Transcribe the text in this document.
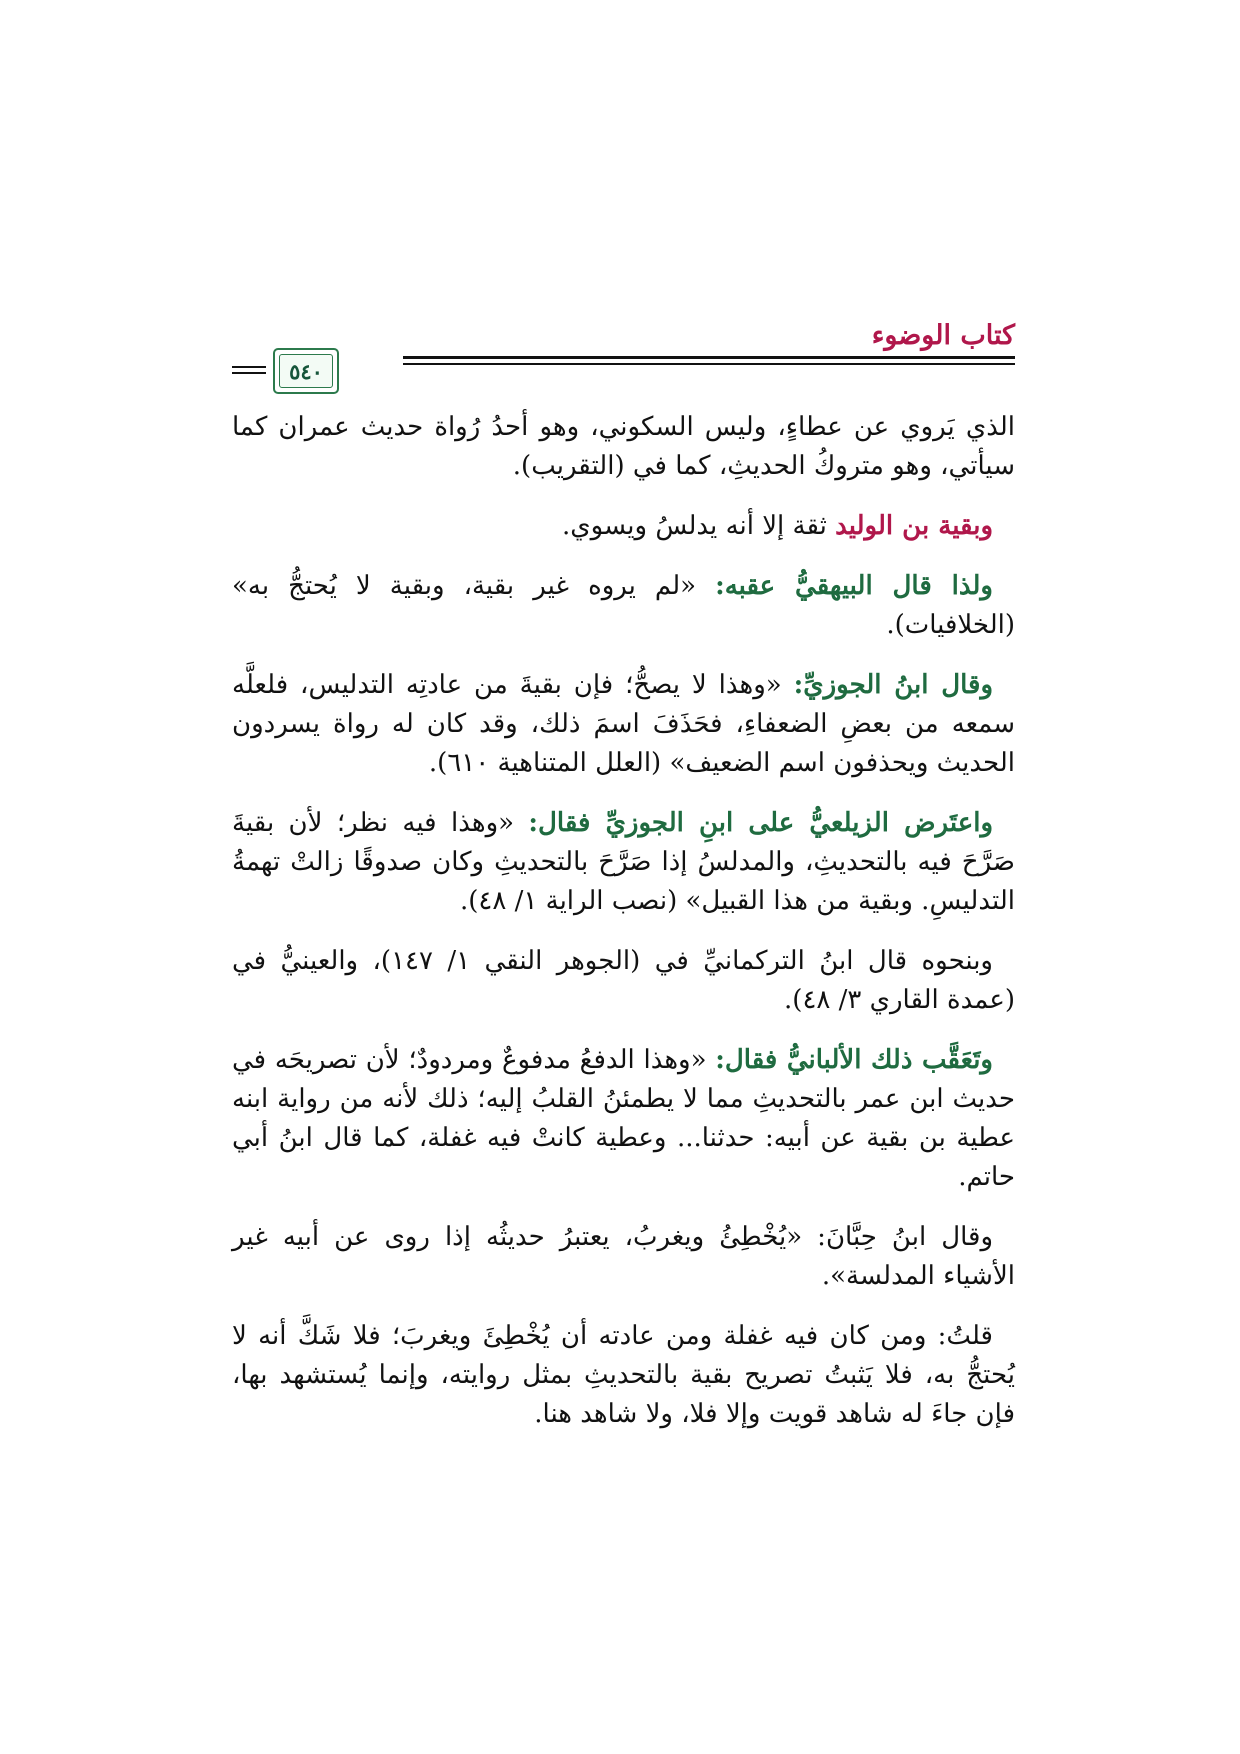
كتاب الوضوء
٥٤٠

الذي يَروي عن عطاءٍ، وليس السكوني، وهو أحدُ رُواة حديث عمران كما سيأتي، وهو متروكُ الحديثِ، كما في (التقريب).

وبقية بن الوليد ثقة إلا أنه يدلسُ ويسوي.

ولذا قال البيهقيُّ عقبه: «لم يروه غير بقية، وبقية لا يُحتجُّ به» (الخلافيات).

وقال ابنُ الجوزيِّ: «وهذا لا يصحُّ؛ فإن بقيةَ من عادتِه التدليس، فلعلَّه سمعه من بعضِ الضعفاءِ، فحَذَفَ اسمَ ذلك، وقد كان له رواة يسردون الحديث ويحذفون اسم الضعيف» (العلل المتناهية ٦١٠).

واعتَرض الزيلعيُّ على ابنِ الجوزيِّ فقال: «وهذا فيه نظر؛ لأن بقيةَ صَرَّحَ فيه بالتحديثِ، والمدلسُ إذا صَرَّحَ بالتحديثِ وكان صدوقًا زالتْ تهمةُ التدليسِ. وبقية من هذا القبيل» (نصب الراية ١/ ٤٨).

وبنحوه قال ابنُ التركمانيِّ في (الجوهر النقي ١/ ١٤٧)، والعينيُّ في (عمدة القاري ٣/ ٤٨).

وتَعَقَّب ذلك الألبانيُّ فقال: «وهذا الدفعُ مدفوعٌ ومردودٌ؛ لأن تصريحَه في حديث ابن عمر بالتحديثِ مما لا يطمئنُ القلبُ إليه؛ ذلك لأنه من رواية ابنه عطية بن بقية عن أبيه: حدثنا... وعطية كانتْ فيه غفلة، كما قال ابنُ أبي حاتم.

وقال ابنُ حِبَّانَ: «يُخْطِئُ ويغربُ، يعتبرُ حديثُه إذا روى عن أبيه غير الأشياء المدلسة».

قلتُ: ومن كان فيه غفلة ومن عادته أن يُخْطِئَ ويغربَ؛ فلا شَكَّ أنه لا يُحتجُّ به، فلا يَثبتُ تصريح بقية بالتحديثِ بمثل روايته، وإنما يُستشهد بها، فإن جاءَ له شاهد قويت وإلا فلا، ولا شاهد هنا.
